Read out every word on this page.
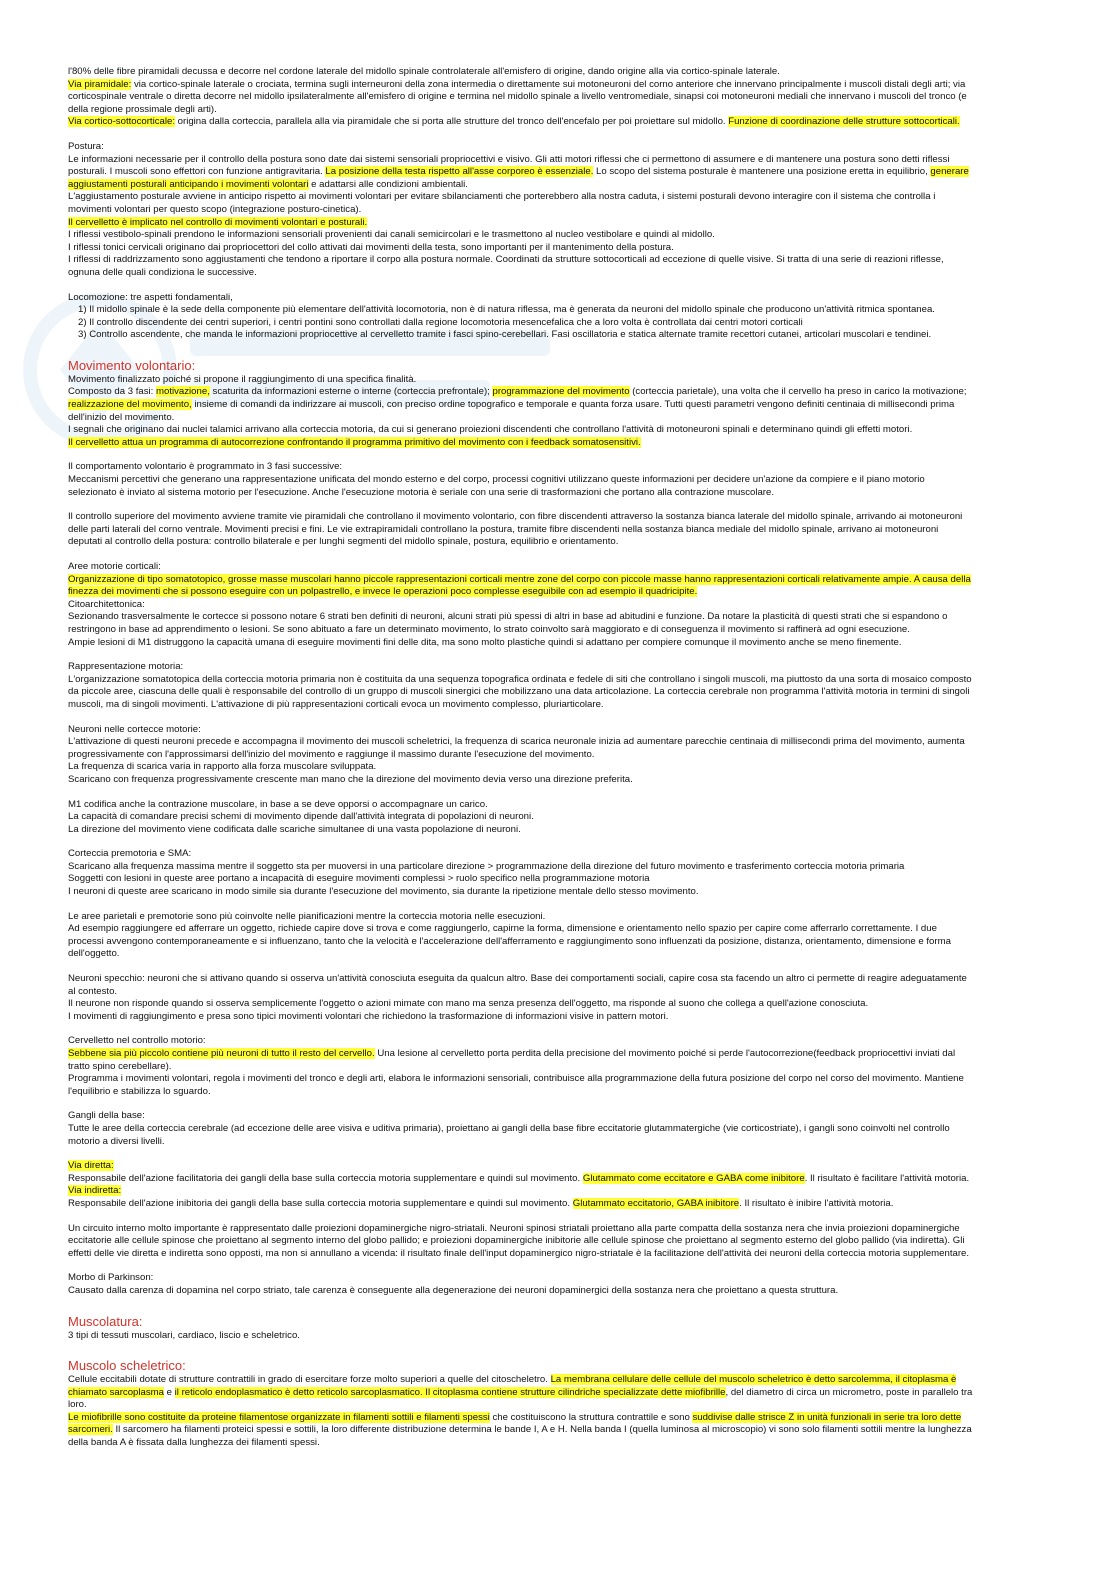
l'80% delle fibre piramidali decussa e decorre nel cordone laterale del midollo spinale controlaterale all'emisfero di origine, dando origine alla via cortico-spinale laterale.
Via piramidale: via cortico-spinale laterale o crociata, termina sugli interneuroni della zona intermedia o direttamente sui motoneuroni del corno anteriore che innervano principalmente i muscoli distali degli arti; via corticospinale ventrale o diretta decorre nel midollo ipsilateralmente all'emisfero di origine e termina nel midollo spinale a livello ventromediale, sinapsi coi motoneuroni mediali che innervano i muscoli del tronco (e della regione prossimale degli arti).
Via cortico-sottocorticale: origina dalla corteccia, parallela alla via piramidale che si porta alle strutture del tronco dell'encefalo per poi proiettare sul midollo. Funzione di coordinazione delle strutture sottocorticali.
Postura:
Le informazioni necessarie per il controllo della postura sono date dai sistemi sensoriali propriocettivi e visivo. Gli atti motori riflessi che ci permettono di assumere e di mantenere una postura sono detti riflessi posturali. I muscoli sono effettori con funzione antigravitaria. La posizione della testa rispetto all'asse corporeo è essenziale. Lo scopo del sistema posturale è mantenere una posizione eretta in equilibrio, generare aggiustamenti posturali anticipando i movimenti volontari e adattarsi alle condizioni ambientali.
L'aggiustamento posturale avviene in anticipo rispetto ai movimenti volontari per evitare sbilanciamenti che porterebbero alla nostra caduta, i sistemi posturali devono interagire con il sistema che controlla i movimenti volontari per questo scopo (integrazione posturo-cinetica).
Il cervelletto è implicato nel controllo di movimenti volontari e posturali.
I riflessi vestibolo-spinali prendono le informazioni sensoriali provenienti dai canali semicircolari e le trasmettono al nucleo vestibolare e quindi al midollo.
I riflessi tonici cervicali originano dai propriocettori del collo attivati dai movimenti della testa, sono importanti per il mantenimento della postura.
I riflessi di raddrizzamento sono aggiustamenti che tendono a riportare il corpo alla postura normale. Coordinati da strutture sottocorticali ad eccezione di quelle visive. Si tratta di una serie di reazioni riflesse, ognuna delle quali condiziona le successive.
Locomozione: tre aspetti fondamentali,
1) Il midollo spinale è la sede della componente più elementare dell'attività locomotoria, non è di natura riflessa, ma è generata da neuroni del midollo spinale che producono un'attività ritmica spontanea.
2) Il controllo discendente dei centri superiori, i centri pontini sono controllati dalla regione locomotoria mesencefalica che a loro volta è controllata dai centri motori corticali
3) Controllo ascendente, che manda le informazioni propriocettive al cervelletto tramite i fasci spino-cerebellari. Fasi oscillatoria e statica alternate tramite recettori cutanei, articolari muscolari e tendinei.
Movimento volontario:
Movimento finalizzato poiché si propone il raggiungimento di una specifica finalità.
Composto da 3 fasi: motivazione, scaturita da informazioni esterne o interne (corteccia prefrontale); programmazione del movimento (corteccia parietale), una volta che il cervello ha preso in carico la motivazione; realizzazione del movimento, insieme di comandi da indirizzare ai muscoli, con preciso ordine topografico e temporale e quanta forza usare. Tutti questi parametri vengono definiti centinaia di millisecondi prima dell'inizio del movimento.
I segnali che originano dai nuclei talamici arrivano alla corteccia motoria, da cui si generano proiezioni discendenti che controllano l'attività di motoneuroni spinali e determinano quindi gli effetti motori.
Il cervelletto attua un programma di autocorrezione confrontando il programma primitivo del movimento con i feedback somatosensitivi.
Il comportamento volontario è programmato in 3 fasi successive:
Meccanismi percettivi che generano una rappresentazione unificata del mondo esterno e del corpo, processi cognitivi utilizzano queste informazioni per decidere un'azione da compiere e il piano motorio selezionato è inviato al sistema motorio per l'esecuzione. Anche l'esecuzione motoria è seriale con una serie di trasformazioni che portano alla contrazione muscolare.
Il controllo superiore del movimento avviene tramite vie piramidali che controllano il movimento volontario, con fibre discendenti attraverso la sostanza bianca laterale del midollo spinale, arrivando ai motoneuroni delle parti laterali del corno ventrale. Movimenti precisi e fini. Le vie extrapiramidali controllano la postura, tramite fibre discendenti nella sostanza bianca mediale del midollo spinale, arrivano ai motoneuroni deputati al controllo della postura: controllo bilaterale e per lunghi segmenti del midollo spinale, postura, equilibrio e orientamento.
Aree motorie corticali:
Organizzazione di tipo somatotopico, grosse masse muscolari hanno piccole rappresentazioni corticali mentre zone del corpo con piccole masse hanno rappresentazioni corticali relativamente ampie. A causa della finezza dei movimenti che si possono eseguire con un polpastrello, e invece le operazioni poco complesse eseguibile con ad esempio il quadricipite.
Citoarchitettonica:
Sezionando trasversalmente le cortecce si possono notare 6 strati ben definiti di neuroni, alcuni strati più spessi di altri in base ad abitudini e funzione. Da notare la plasticità di questi strati che si espandono o restringono in base ad apprendimento o lesioni. Se sono abituato a fare un determinato movimento, lo strato coinvolto sarà maggiorato e di conseguenza il movimento si raffinerà ad ogni esecuzione.
Ampie lesioni di M1 distruggono la capacità umana di eseguire movimenti fini delle dita, ma sono molto plastiche quindi si adattano per compiere comunque il movimento anche se meno finemente.
Rappresentazione motoria:
L'organizzazione somatotopica della corteccia motoria primaria non è costituita da una sequenza topografica ordinata e fedele di siti che controllano i singoli muscoli, ma piuttosto da una sorta di mosaico composto da piccole aree, ciascuna delle quali è responsabile del controllo di un gruppo di muscoli sinergici che mobilizzano una data articolazione. La corteccia cerebrale non programma l'attività motoria in termini di singoli muscoli, ma di singoli movimenti. L'attivazione di più rappresentazioni corticali evoca un movimento complesso, pluriarticolare.
Neuroni nelle cortecce motorie:
L'attivazione di questi neuroni precede e accompagna il movimento dei muscoli scheletrici, la frequenza di scarica neuronale inizia ad aumentare parecchie centinaia di millisecondi prima del movimento, aumenta progressivamente con l'approssimarsi dell'inizio del movimento e raggiunge il massimo durante l'esecuzione del movimento.
La frequenza di scarica varia in rapporto alla forza muscolare sviluppata.
Scaricano con frequenza progressivamente crescente man mano che la direzione del movimento devia verso una direzione preferita.
M1 codifica anche la contrazione muscolare, in base a se deve opporsi o accompagnare un carico.
La capacità di comandare precisi schemi di movimento dipende dall'attività integrata di popolazioni di neuroni.
La direzione del movimento viene codificata dalle scariche simultanee di una vasta popolazione di neuroni.
Corteccia premotoria e SMA:
Scaricano alla frequenza massima mentre il soggetto sta per muoversi in una particolare direzione > programmazione della direzione del futuro movimento e trasferimento corteccia motoria primaria
Soggetti con lesioni in queste aree portano a incapacità di eseguire movimenti complessi > ruolo specifico nella programmazione motoria
I neuroni di queste aree scaricano in modo simile sia durante l'esecuzione del movimento, sia durante la ripetizione mentale dello stesso movimento.
Le aree parietali e premotorie sono più coinvolte nelle pianificazioni mentre la corteccia motoria nelle esecuzioni.
Ad esempio raggiungere ed afferrare un oggetto, richiede capire dove si trova e come raggiungerlo, capirne la forma, dimensione e orientamento nello spazio per capire come afferrarlo correttamente. I due processi avvengono contemporaneamente e si influenzano, tanto che la velocità e l'accelerazione dell'afferramento e raggiungimento sono influenzati da posizione, distanza, orientamento, dimensione e forma dell'oggetto.
Neuroni specchio: neuroni che si attivano quando si osserva un'attività conosciuta eseguita da qualcun altro. Base dei comportamenti sociali, capire cosa sta facendo un altro ci permette di reagire adeguatamente al contesto.
Il neurone non risponde quando si osserva semplicemente l'oggetto o azioni mimate con mano ma senza presenza dell'oggetto, ma risponde al suono che collega a quell'azione conosciuta.
I movimenti di raggiungimento e presa sono tipici movimenti volontari che richiedono la trasformazione di informazioni visive in pattern motori.
Cervelletto nel controllo motorio:
Sebbene sia più piccolo contiene più neuroni di tutto il resto del cervello. Una lesione al cervelletto porta perdita della precisione del movimento poiché si perde l'autocorrezione(feedback propriocettivi inviati dal tratto spino cerebellare).
Programma i movimenti volontari, regola i movimenti del tronco e degli arti, elabora le informazioni sensoriali, contribuisce alla programmazione della futura posizione del corpo nel corso del movimento. Mantiene l'equilibrio e stabilizza lo sguardo.
Gangli della base:
Tutte le aree della corteccia cerebrale (ad eccezione delle aree visiva e uditiva primaria), proiettano ai gangli della base fibre eccitatorie glutammatergiche (vie corticostriate), i gangli sono coinvolti nel controllo motorio a diversi livelli.
Via diretta:
Responsabile dell'azione facilitatoria dei gangli della base sulla corteccia motoria supplementare e quindi sul movimento. Glutammato come eccitatore e GABA come inibitore. Il risultato è facilitare l'attività motoria.
Via indiretta:
Responsabile dell'azione inibitoria dei gangli della base sulla corteccia motoria supplementare e quindi sul movimento. Glutammato eccitatorio, GABA inibitore. Il risultato è inibire l'attività motoria.
Un circuito interno molto importante è rappresentato dalle proiezioni dopaminergiche nigro-striatali. Neuroni spinosi striatali proiettano alla parte compatta della sostanza nera che invia proiezioni dopaminergiche eccitatorie alle cellule spinose che proiettano al segmento interno del globo pallido; e proiezioni dopaminergiche inibitorie alle cellule spinose che proiettano al segmento esterno del globo pallido (via indiretta). Gli effetti delle vie diretta e indiretta sono opposti, ma non si annullano a vicenda: il risultato finale dell'input dopaminergico nigro-striatale è la facilitazione dell'attività dei neuroni della corteccia motoria supplementare.
Morbo di Parkinson:
Causato dalla carenza di dopamina nel corpo striato, tale carenza è conseguente alla degenerazione dei neuroni dopaminergici della sostanza nera che proiettano a questa struttura.
Muscolatura:
3 tipi di tessuti muscolari, cardiaco, liscio e scheletrico.
Muscolo scheletrico:
Cellule eccitabili dotate di strutture contrattili in grado di esercitare forze molto superiori a quelle del citoscheletro. La membrana cellulare delle cellule del muscolo scheletrico è detto sarcolemma, il citoplasma è chiamato sarcoplasma e il reticolo endoplasmatico è detto reticolo sarcoplasmatico. Il citoplasma contiene strutture cilindriche specializzate dette miofibrille, del diametro di circa un micrometro, poste in parallelo tra loro.
Le miofibrille sono costituite da proteine filamentose organizzate in filamenti sottili e filamenti spessi che costituiscono la struttura contrattile e sono suddivise dalle strisce Z in unità funzionali in serie tra loro dette sarcomeri. Il sarcomero ha filamenti proteici spessi e sottili, la loro differente distribuzione determina le bande I, A e H. Nella banda I (quella luminosa al microscopio) vi sono solo filamenti sottili mentre la lunghezza della banda A è fissata dalla lunghezza dei filamenti spessi.
